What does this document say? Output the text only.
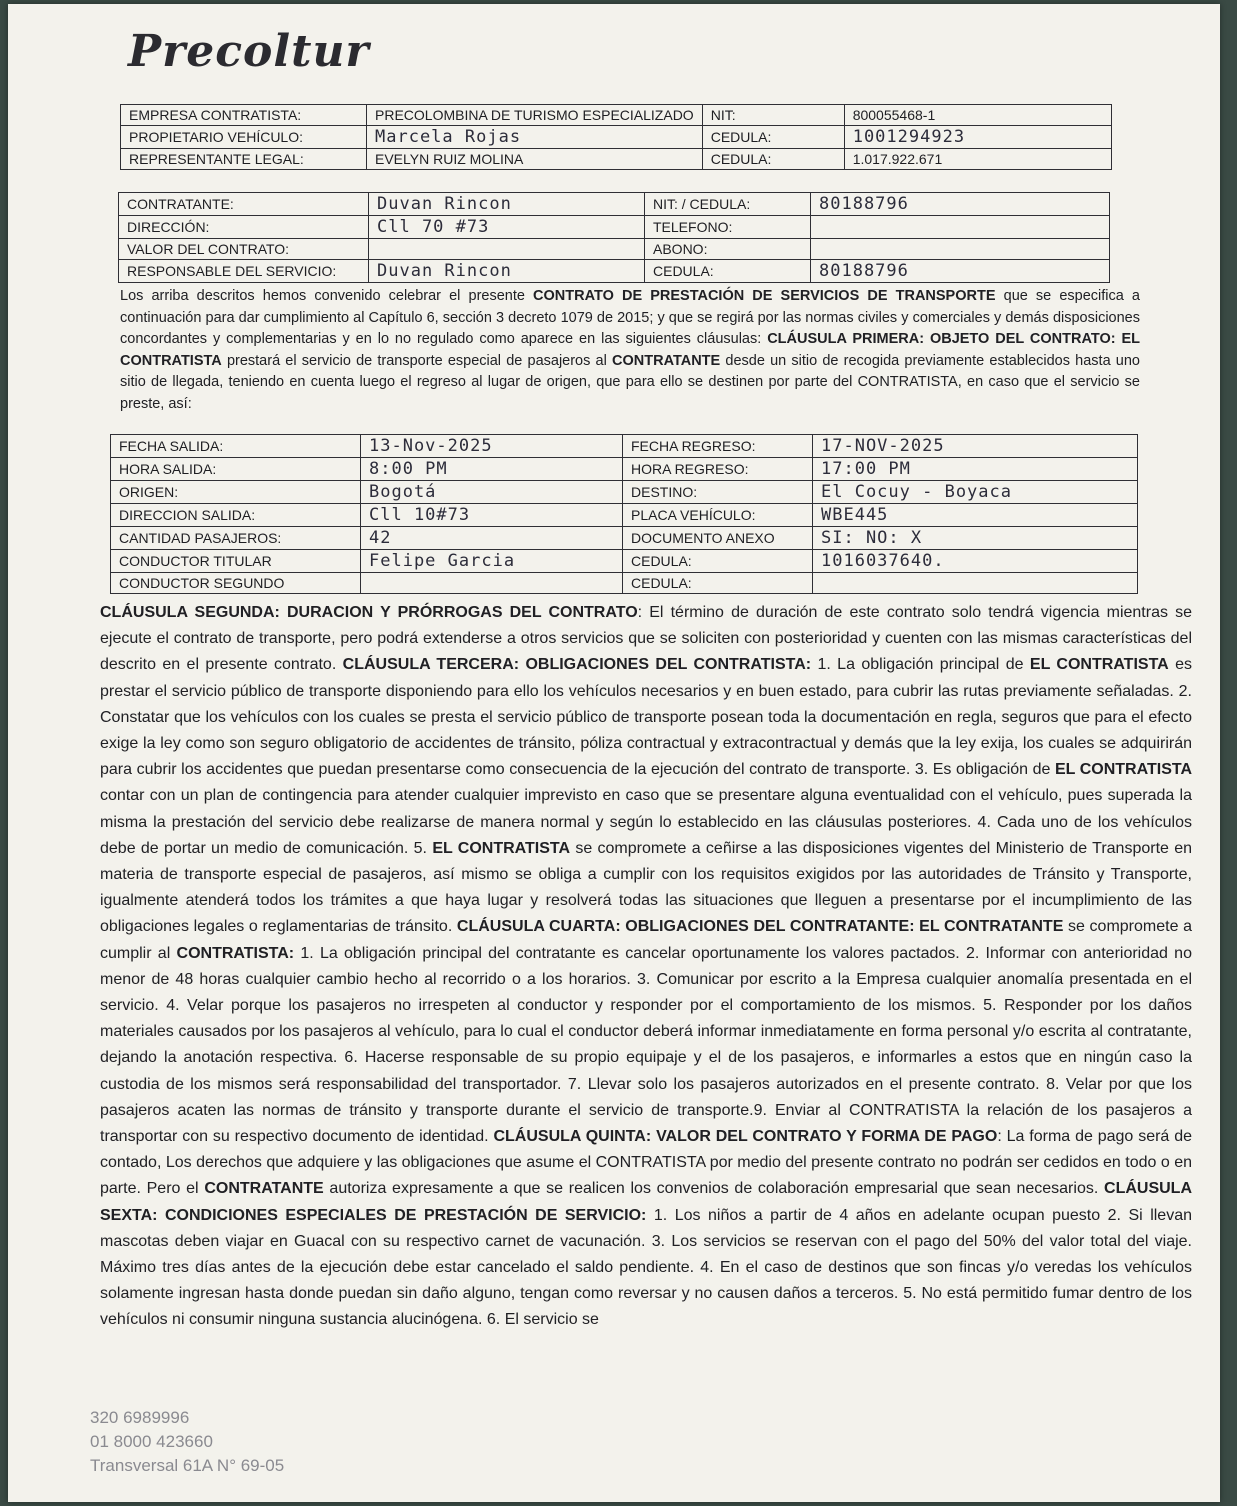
Precoltur
EMPRESA CONTRATISTA:	PRECOLOMBINA DE TURISMO ESPECIALIZADO	NIT:	800055468-1
PROPIETARIO VEHÍCULO:	Marcela Rojas	CEDULA:	1001294923
REPRESENTANTE LEGAL:	EVELYN RUIZ MOLINA	CEDULA:	1.017.922.671
CONTRATANTE:	Duvan Rincon	NIT: / CEDULA:	80188796
DIRECCIÓN:	Cll 70 #73	TELEFONO:	
VALOR DEL CONTRATO:		ABONO:	
RESPONSABLE DEL SERVICIO:	Duvan Rincon	CEDULA:	80188796
Los arriba descritos hemos convenido celebrar el presente CONTRATO DE PRESTACIÓN DE SERVICIOS DE TRANSPORTE que se especifica a continuación para dar cumplimiento al Capítulo 6, sección 3 decreto 1079 de 2015; y que se regirá por las normas civiles y comerciales y demás disposiciones concordantes y complementarias y en lo no regulado como aparece en las siguientes cláusulas: CLÁUSULA PRIMERA: OBJETO DEL CONTRATO: EL CONTRATISTA prestará el servicio de transporte especial de pasajeros al CONTRATANTE desde un sitio de recogida previamente establecidos hasta uno sitio de llegada, teniendo en cuenta luego el regreso al lugar de origen, que para ello se destinen por parte del CONTRATISTA, en caso que el servicio se preste, así:
FECHA SALIDA:	13-Nov-2025	FECHA REGRESO:	17-NOV-2025
HORA SALIDA:	8:00 PM	HORA REGRESO:	17:00 PM
ORIGEN:	Bogotá	DESTINO:	El Cocuy - Boyaca
DIRECCION SALIDA:	Cll 10#73	PLACA VEHÍCULO:	WBE445
CANTIDAD PASAJEROS:	42	DOCUMENTO ANEXO	SI: NO: X
CONDUCTOR TITULAR	Felipe Garcia	CEDULA:	1016037640.
CONDUCTOR SEGUNDO		CEDULA:	
CLÁUSULA SEGUNDA: DURACION Y PRÓRROGAS DEL CONTRATO: El término de duración de este contrato solo tendrá vigencia mientras se ejecute el contrato de transporte, pero podrá extenderse a otros servicios que se soliciten con posterioridad y cuenten con las mismas características del descrito en el presente contrato. CLÁUSULA TERCERA: OBLIGACIONES DEL CONTRATISTA: 1. La obligación principal de EL CONTRATISTA es prestar el servicio público de transporte disponiendo para ello los vehículos necesarios y en buen estado, para cubrir las rutas previamente señaladas. 2. Constatar que los vehículos con los cuales se presta el servicio público de transporte posean toda la documentación en regla, seguros que para el efecto exige la ley como son seguro obligatorio de accidentes de tránsito, póliza contractual y extracontractual y demás que la ley exija, los cuales se adquirirán para cubrir los accidentes que puedan presentarse como consecuencia de la ejecución del contrato de transporte. 3. Es obligación de EL CONTRATISTA contar con un plan de contingencia para atender cualquier imprevisto en caso que se presentare alguna eventualidad con el vehículo, pues superada la misma la prestación del servicio debe realizarse de manera normal y según lo establecido en las cláusulas posteriores. 4. Cada uno de los vehículos debe de portar un medio de comunicación. 5. EL CONTRATISTA se compromete a ceñirse a las disposiciones vigentes del Ministerio de Transporte en materia de transporte especial de pasajeros, así mismo se obliga a cumplir con los requisitos exigidos por las autoridades de Tránsito y Transporte, igualmente atenderá todos los trámites a que haya lugar y resolverá todas las situaciones que lleguen a presentarse por el incumplimiento de las obligaciones legales o reglamentarias de tránsito. CLÁUSULA CUARTA: OBLIGACIONES DEL CONTRATANTE: EL CONTRATANTE se compromete a cumplir al CONTRATISTA: 1. La obligación principal del contratante es cancelar oportunamente los valores pactados. 2. Informar con anterioridad no menor de 48 horas cualquier cambio hecho al recorrido o a los horarios. 3. Comunicar por escrito a la Empresa cualquier anomalía presentada en el servicio. 4. Velar porque los pasajeros no irrespeten al conductor y responder por el comportamiento de los mismos. 5. Responder por los daños materiales causados por los pasajeros al vehículo, para lo cual el conductor deberá informar inmediatamente en forma personal y/o escrita al contratante, dejando la anotación respectiva. 6. Hacerse responsable de su propio equipaje y el de los pasajeros, e informarles a estos que en ningún caso la custodia de los mismos será responsabilidad del transportador. 7. Llevar solo los pasajeros autorizados en el presente contrato. 8. Velar por que los pasajeros acaten las normas de tránsito y transporte durante el servicio de transporte.9. Enviar al CONTRATISTA la relación de los pasajeros a transportar con su respectivo documento de identidad. CLÁUSULA QUINTA: VALOR DEL CONTRATO Y FORMA DE PAGO: La forma de pago será de contado, Los derechos que adquiere y las obligaciones que asume el CONTRATISTA por medio del presente contrato no podrán ser cedidos en todo o en parte. Pero el CONTRATANTE autoriza expresamente a que se realicen los convenios de colaboración empresarial que sean necesarios. CLÁUSULA SEXTA: CONDICIONES ESPECIALES DE PRESTACIÓN DE SERVICIO: 1. Los niños a partir de 4 años en adelante ocupan puesto 2. Si llevan mascotas deben viajar en Guacal con su respectivo carnet de vacunación. 3. Los servicios se reservan con el pago del 50% del valor total del viaje. Máximo tres días antes de la ejecución debe estar cancelado el saldo pendiente. 4. En el caso de destinos que son fincas y/o veredas los vehículos solamente ingresan hasta donde puedan sin daño alguno, tengan como reversar y no causen daños a terceros. 5. No está permitido fumar dentro de los vehículos ni consumir ninguna sustancia alucinógena. 6. El servicio se
320 6989996
01 8000 423660
Transversal 61A N° 69-05
